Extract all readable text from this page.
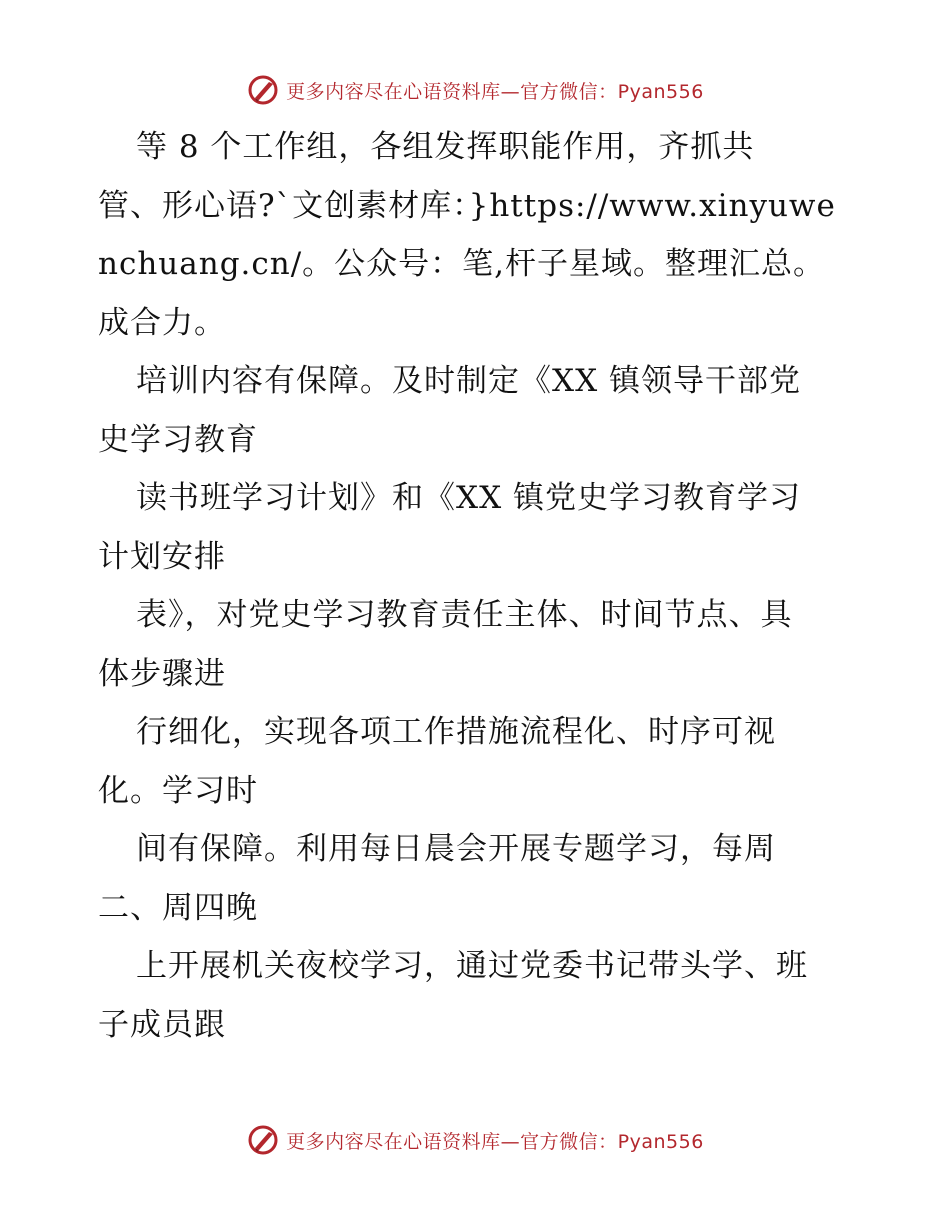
更多内容尽在心语资料库—官方微信：Pyan556
等 8 个工作组，各组发挥职能作用，齐抓共
管、形心语?`文创素材库：}https://www.xinyuwe
nchuang.cn/。公众号：笔,杆子星域。整理汇总。
成合力。
培训内容有保障。及时制定《XX 镇领导干部党
史学习教育
读书班学习计划》和《XX 镇党史学习教育学习
计划安排
表》，对党史学习教育责任主体、时间节点、具
体步骤进
行细化，实现各项工作措施流程化、时序可视
化。学习时
间有保障。利用每日晨会开展专题学习，每周
二、周四晚
上开展机关夜校学习，通过党委书记带头学、班
子成员跟
更多内容尽在心语资料库—官方微信：Pyan556
